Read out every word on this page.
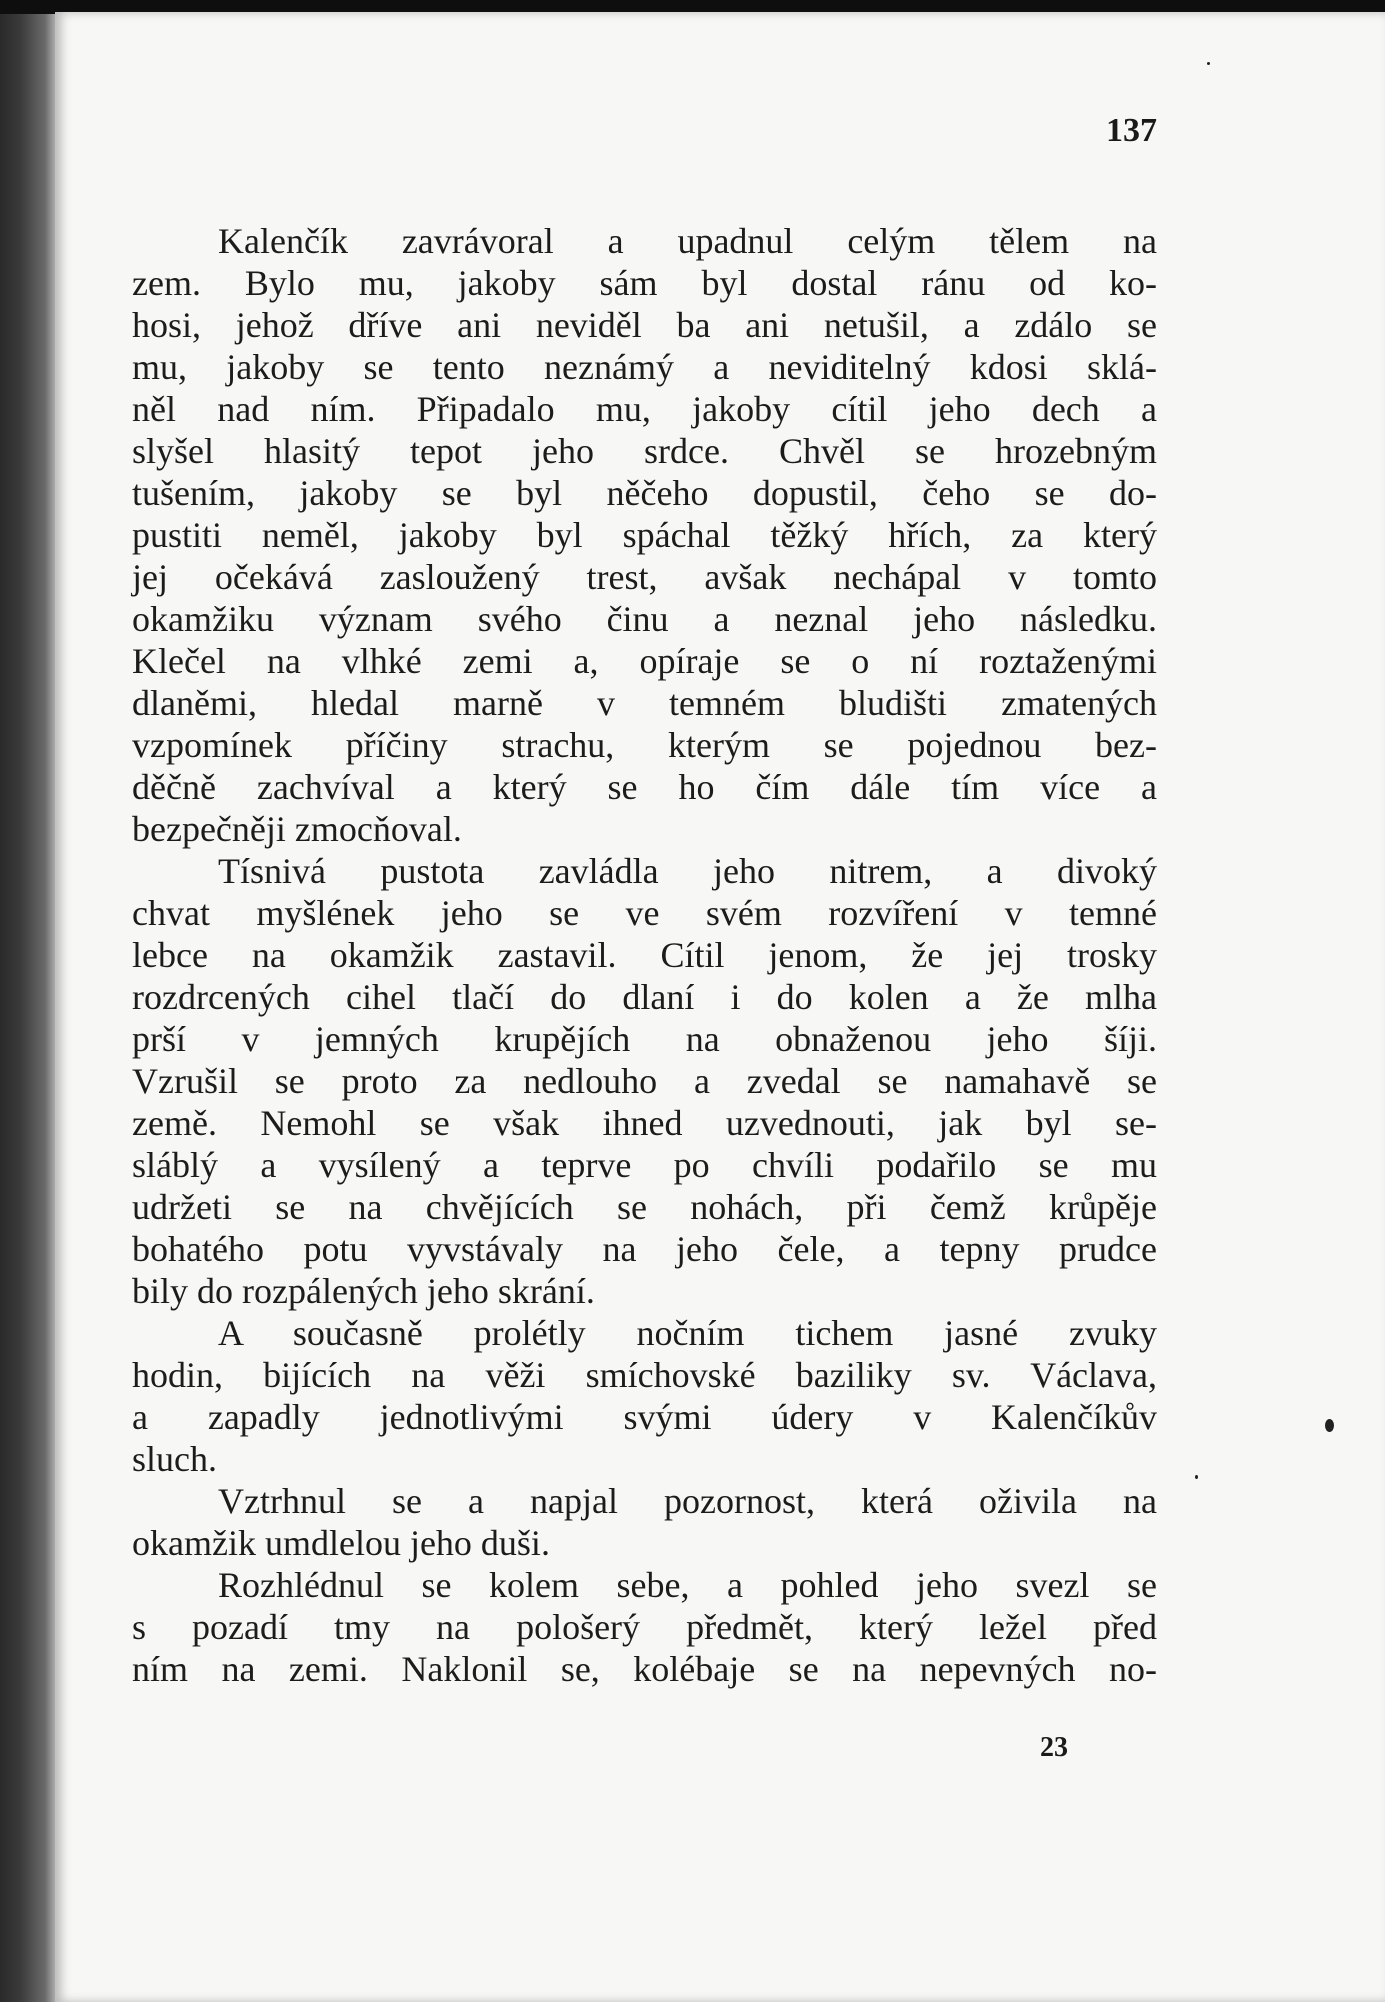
137
Kalenčík zavrávoral a upadnul celým tělem na
zem. Bylo mu, jakoby sám byl dostal ránu od ko-
hosi, jehož dříve ani neviděl ba ani netušil, a zdálo se
mu, jakoby se tento neznámý a neviditelný kdosi sklá-
něl nad ním. Připadalo mu, jakoby cítil jeho dech a
slyšel hlasitý tepot jeho srdce. Chvěl se hrozebným
tušením, jakoby se byl něčeho dopustil, čeho se do-
pustiti neměl, jakoby byl spáchal těžký hřích, za který
jej očekává zasloužený trest, avšak nechápal v tomto
okamžiku význam svého činu a neznal jeho následku.
Klečel na vlhké zemi a, opíraje se o ní roztaženými
dlaněmi, hledal marně v temném bludišti zmatených
vzpomínek příčiny strachu, kterým se pojednou bez-
děčně zachvíval a který se ho čím dále tím více a
bezpečněji zmocňoval.
Tísnivá pustota zavládla jeho nitrem, a divoký
chvat myšlének jeho se ve svém rozvíření v temné
lebce na okamžik zastavil. Cítil jenom, že jej trosky
rozdrcených cihel tlačí do dlaní i do kolen a že mlha
prší v jemných krupějích na obnaženou jeho šíji.
Vzrušil se proto za nedlouho a zvedal se namahavě se
země. Nemohl se však ihned uzvednouti, jak byl se-
sláblý a vysílený a teprve po chvíli podařilo se mu
udržeti se na chvějících se nohách, při čemž krůpěje
bohatého potu vyvstávaly na jeho čele, a tepny prudce
bily do rozpálených jeho skrání.
A současně prolétly nočním tichem jasné zvuky
hodin, bijících na věži smíchovské baziliky sv. Václava,
a zapadly jednotlivými svými údery v Kalenčíkův
sluch.
Vztrhnul se a napjal pozornost, která oživila na
okamžik umdlelou jeho duši.
Rozhlédnul se kolem sebe, a pohled jeho svezl se
s pozadí tmy na pološerý předmět, který ležel před
ním na zemi. Naklonil se, kolébaje se na nepevných no-
23
